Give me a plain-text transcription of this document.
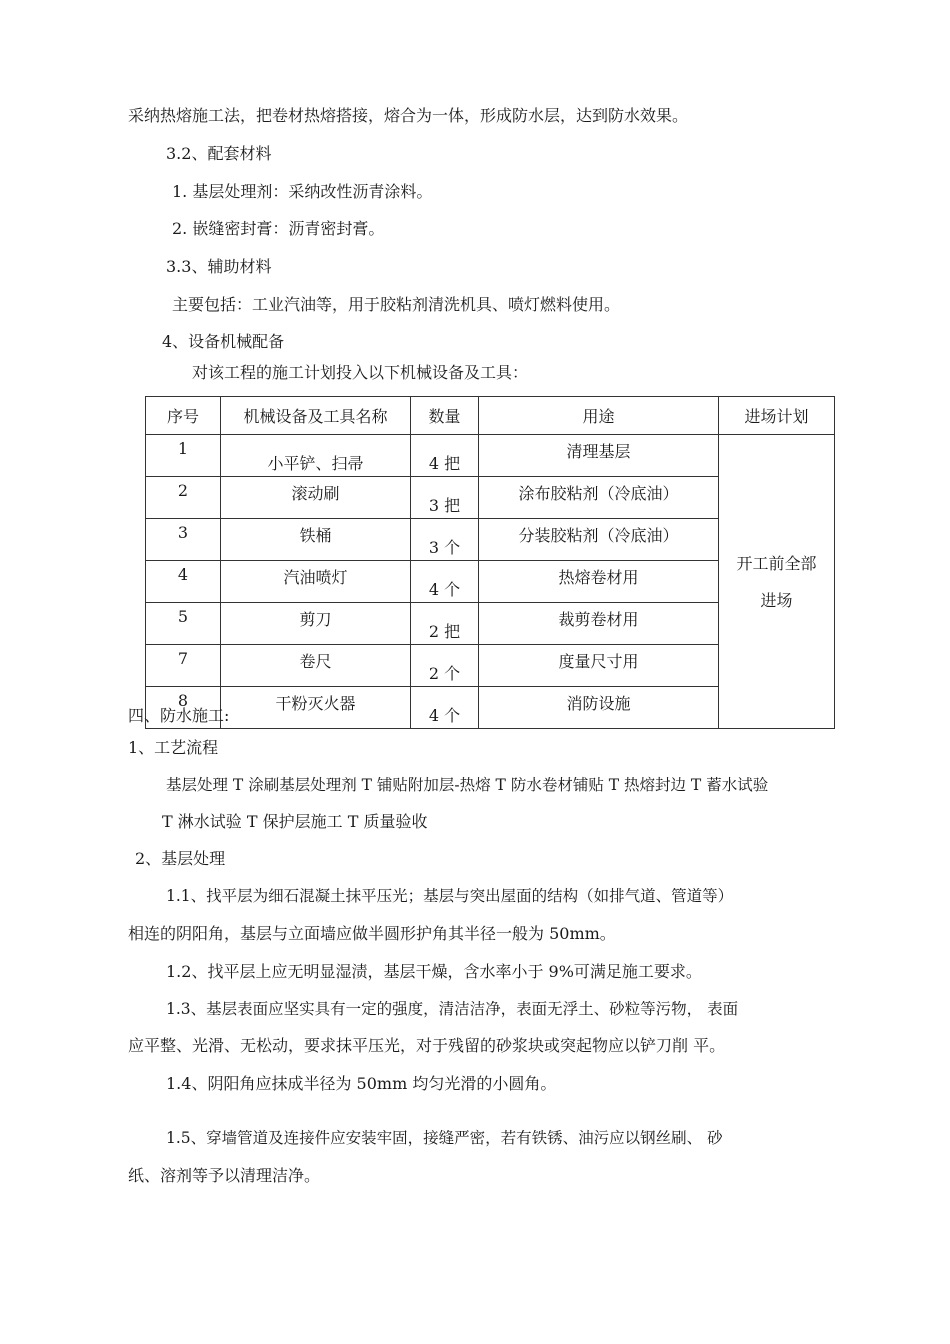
采纳热熔施工法，把卷材热熔搭接，熔合为一体，形成防水层，达到防水效果。
3.2、配套材料
1. 基层处理剂：采纳改性沥青涂料。
2. 嵌缝密封膏：沥青密封膏。
3.3、辅助材料
主要包括：工业汽油等，用于胶粘剂清洗机具、喷灯燃料使用。
4、设备机械配备
对该工程的施工计划投入以下机械设备及工具：
序号	机械设备及工具名称	数量	用途	进场计划
1	小平铲、扫帚	4 把	清理基层	开工前全部
进场

2	滚动刷	3 把	涂布胶粘剂（冷底油）	
3	铁桶	3 个	分装胶粘剂（冷底油）	
4	汽油喷灯	4 个	热熔卷材用	
5	剪刀	2 把	裁剪卷材用	
7	卷尺	2 个	度量尺寸用	
8	干粉灭火器	4 个	消防设施	
四、防水施工:
1、工艺流程
基层处理 T 涂刷基层处理剂 T 铺贴附加层-热熔 T 防水卷材铺贴 T 热熔封边 T 蓄水试验
T 淋水试验 T 保护层施工 T 质量验收
2、基层处理
1.1、找平层为细石混凝土抹平压光；基层与突出屋面的结构（如排气道、管道等）
相连的阴阳角，基层与立面墙应做半圆形护角其半径一般为 50mm。
1.2、找平层上应无明显湿渍，基层干燥，含水率小于 9%可满足施工要求。
1.3、基层表面应坚实具有一定的强度，清洁洁净，表面无浮土、砂粒等污物， 表面
应平整、光滑、无松动，要求抹平压光，对于残留的砂浆块或突起物应以铲刀削 平。
1.4、阴阳角应抹成半径为 50mm 均匀光滑的小圆角。
1.5、穿墙管道及连接件应安装牢固，接缝严密，若有铁锈、油污应以钢丝刷、 砂
纸、溶剂等予以清理洁净。
